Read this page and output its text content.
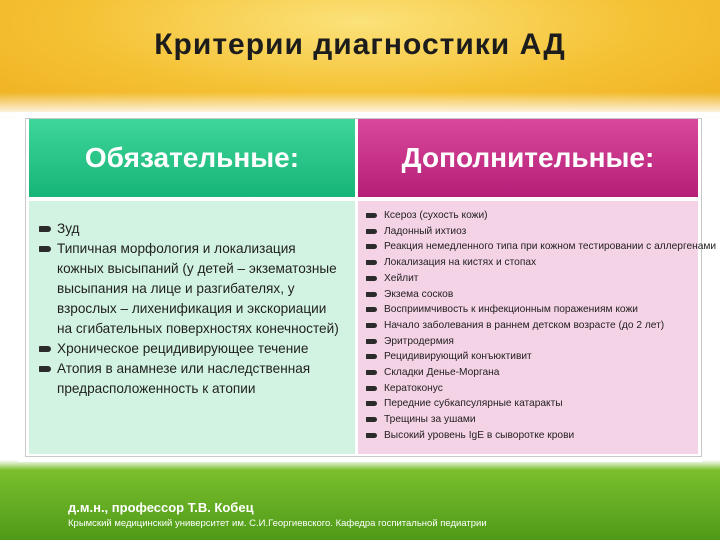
Критерии диагностики АД
Обязательные:
Зуд
Типичная морфология и локализация кожных высыпаний (у детей – экзематозные высыпания на лице и разгибателях, у взрослых – лихенификация и экскориации на сгибательных поверхностях конечностей)
Хроническое рецидивирующее течение
Атопия в анамнезе или наследственная предрасположенность к атопии
Дополнительные:
Ксероз (сухость кожи)
Ладонный ихтиоз
Реакция немедленного типа при кожном тестировании с аллергенами
Локализация на кистях и стопах
Хейлит
Экзема сосков
Восприимчивость к инфекционным поражениям кожи
Начало заболевания в раннем детском возрасте (до 2 лет)
Эритродермия
Рецидивирующий конъюктивит
Складки Денье-Моргана
Кератоконус
Передние субкапсулярные катаракты
Трещины за ушами
Высокий уровень IgE в сыворотке крови
д.м.н., профессор Т.В. Кобец
Крымский медицинский университет им. С.И.Георгиевского. Кафедра госпитальной педиатрии
